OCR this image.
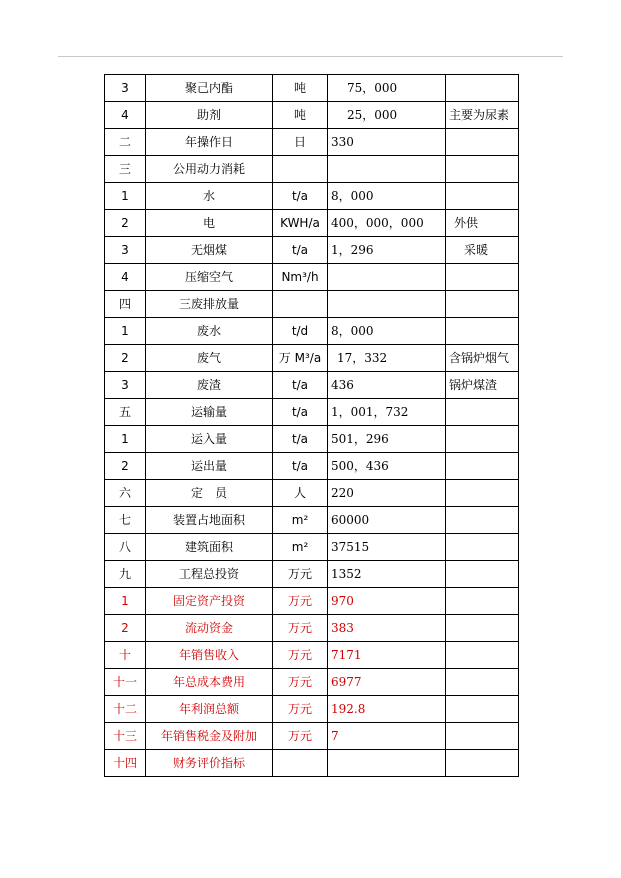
3	聚己内酯	吨	75，000	
4	助剂	吨	25，000	主要为尿素
二	年操作日	日	330	
三	公用动力消耗			
1	水	t/a	8，000	
2	电	KWH/a	400，000，000	外供
3	无烟煤	t/a	1，296	采暖
4	压缩空气	Nm³/h		
四	三废排放量			
1	废水	t/d	8，000	
2	废气	万 M³/a	17，332	含锅炉烟气
3	废渣	t/a	436	锅炉煤渣
五	运输量	t/a	1，001，732	
1	运入量	t/a	501，296	
2	运出量	t/a	500，436	
六	定　员	人	220	
七	装置占地面积	m²	60000	
八	建筑面积	m²	37515	
九	工程总投资	万元	1352	
1	固定资产投资	万元	970	
2	流动资金	万元	383	
十	年销售收入	万元	7171	
十一	年总成本费用	万元	6977	
十二	年利润总额	万元	192.8	
十三	年销售税金及附加	万元	7	
十四	财务评价指标			
